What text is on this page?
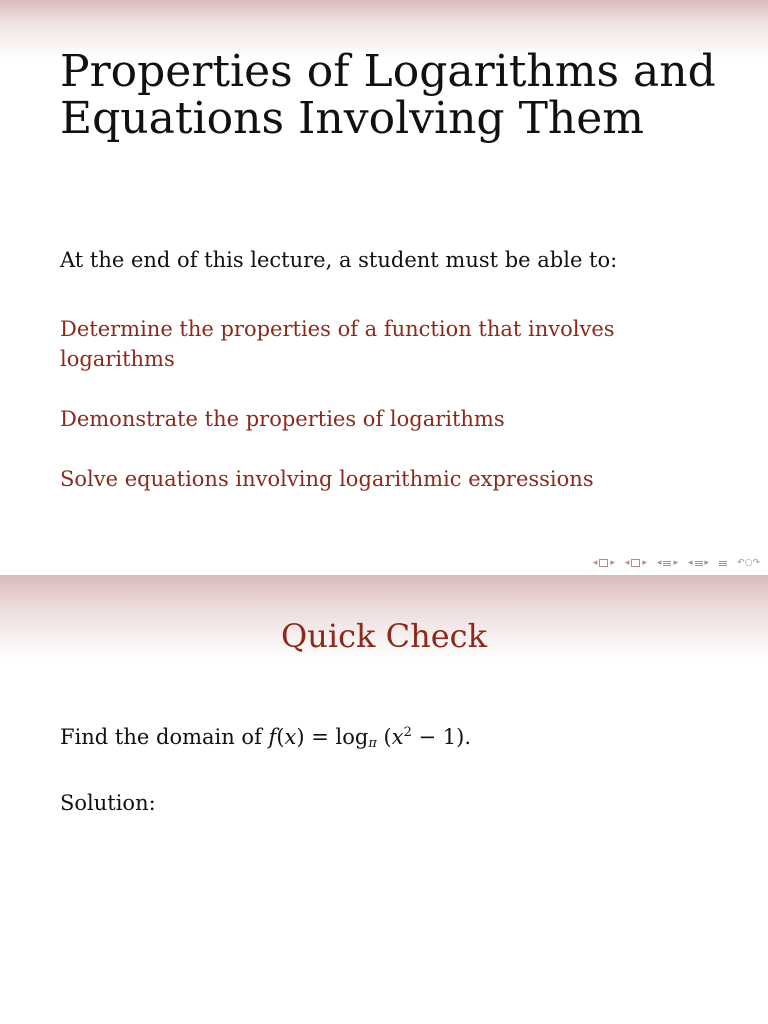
Properties of Logarithms and Equations Involving Them
At the end of this lecture, a student must be able to:
Determine the properties of a function that involves logarithms
Demonstrate the properties of logarithms
Solve equations involving logarithmic expressions
◂ ▸ ◂ ▸ ◂ ▸ ◂ ▸	↶○↷
Quick Check
Find the domain of $f(x) = \log_\pi (x^2 - 1)$.
Solution:
